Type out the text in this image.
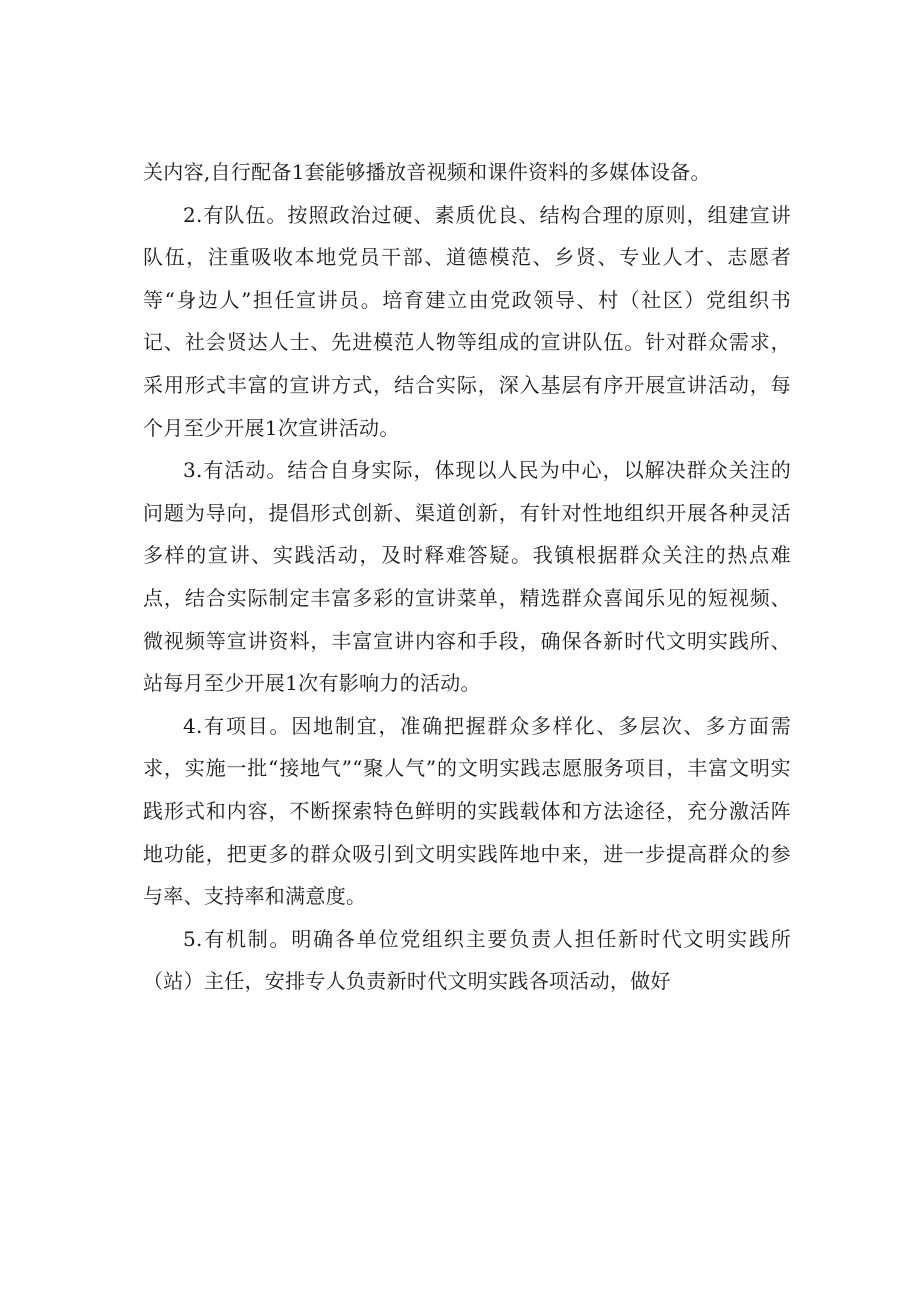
关内容,自行配备1套能够播放音视频和课件资料的多媒体设备。

2.有队伍。按照政治过硬、素质优良、结构合理的原则，组建宣讲队伍，注重吸收本地党员干部、道德模范、乡贤、专业人才、志愿者等“身边人”担任宣讲员。培育建立由党政领导、村（社区）党组织书记、社会贤达人士、先进模范人物等组成的宣讲队伍。针对群众需求，采用形式丰富的宣讲方式，结合实际，深入基层有序开展宣讲活动，每个月至少开展1次宣讲活动。

3.有活动。结合自身实际，体现以人民为中心，以解决群众关注的问题为导向，提倡形式创新、渠道创新，有针对性地组织开展各种灵活多样的宣讲、实践活动，及时释难答疑。我镇根据群众关注的热点难点，结合实际制定丰富多彩的宣讲菜单，精选群众喜闻乐见的短视频、微视频等宣讲资料，丰富宣讲内容和手段，确保各新时代文明实践所、站每月至少开展1次有影响力的活动。

4.有项目。因地制宜，准确把握群众多样化、多层次、多方面需求，实施一批“接地气”“聚人气”的文明实践志愿服务项目，丰富文明实践形式和内容，不断探索特色鲜明的实践载体和方法途径，充分激活阵地功能，把更多的群众吸引到文明实践阵地中来，进一步提高群众的参与率、支持率和满意度。

5.有机制。明确各单位党组织主要负责人担任新时代文明实践所（站）主任，安排专人负责新时代文明实践各项活动，做好
